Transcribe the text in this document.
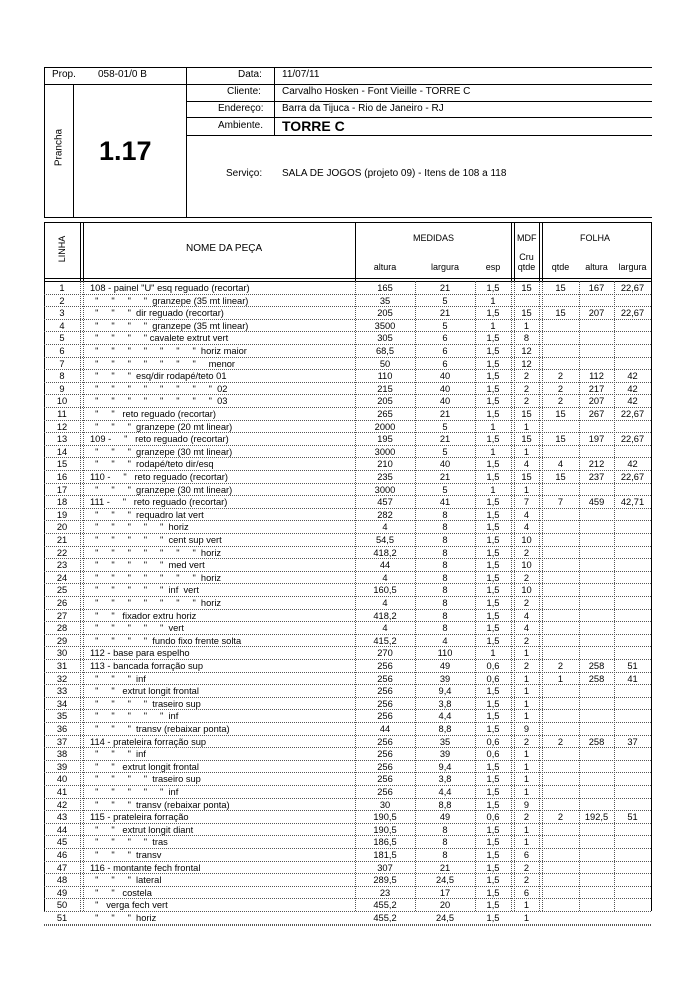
Prop. 058-01/0 B	Data: 11/07/11
Cliente: Carvalho Hosken - Font Vieille - TORRE C
Endereço: Barra da Tijuca - Rio de Janeiro - RJ
Ambiente. TORRE C
Prancha 1.17
Serviço: SALA DE JOGOS (projeto 09) - Itens de 108 a 118
LINHA	NOME DA PEÇA
MEDIDAS	MDF	FOLHA
altura	largura	esp
Cru
qtde	qtde	altura	largura
1	108 - painel "U" esq reguado (recortar)	165	21	1,5	15	15	167	22,67
2	"     "     "     "  granzepe (35 mt linear)	35	5	1
3	"     "     "  dir reguado (recortar)	205	21	1,5	15	15	207	22,67
4	"     "     "     "  granzepe (35 mt linear)	3500	5	1	1
5	"     "     "     " cavalete extrut vert	305	6	1,5	8
6	"     "     "     "     "     "     "  horiz maior	68,5	6	1,5	12
7	"     "     "     "     "     "     "     menor	50	6	1,5	12
8	"     "     "  esq/dir rodapé/teto 01	110	40	1,5	2	2	112	42
9	"     "     "     "     "     "     "     "  02	215	40	1,5	2	2	217	42
10	"     "     "     "     "     "     "     "  03	205	40	1,5	2	2	207	42
11	"     "   reto reguado (recortar)	265	21	1,5	15	15	267	22,67
12	"     "     "  granzepe (20 mt linear)	2000	5	1	1
13	109 -     "   reto reguado (recortar)	195	21	1,5	15	15	197	22,67
14	"     "     "  granzepe (30 mt linear)	3000	5	1	1
15	"     "     "  rodapé/teto dir/esq	210	40	1,5	4	4	212	42
16	110 -     "   reto reguado (recortar)	235	21	1,5	15	15	237	22,67
17	"     "     "  granzepe (30 mt linear)	3000	5	1	1
18	111 -     "   reto reguado (recortar)	457	41	1,5	7	7	459	42,71
19	"     "     "  requadro lat vert	282	8	1,5	4
20	"     "     "     "     "  horiz	4	8	1,5	4
21	"     "     "     "     "  cent sup vert	54,5	8	1,5	10
22	"     "     "     "     "     "     "  horiz	418,2	8	1,5	2
23	"     "     "     "     "  med vert	44	8	1,5	10
24	"     "     "     "     "     "     "  horiz	4	8	1,5	2
25	"     "     "     "     "  inf  vert	160,5	8	1,5	10
26	"     "     "     "     "     "     "  horiz	4	8	1,5	2
27	"     "   fixador extru horiz	418,2	8	1,5	4
28	"     "     "     "     "  vert	4	8	1,5	4
29	"     "     "     "  fundo fixo frente solta	415,2	4	1,5	2
30	112 - base para espelho	270	110	1	1
31	113 - bancada forração sup	256	49	0,6	2	2	258	51
32	"     "     "  inf	256	39	0,6	1	1	258	41
33	"     "   extrut longit frontal	256	9,4	1,5	1
34	"     "     "     "  traseiro sup	256	3,8	1,5	1
35	"     "     "     "     "  inf	256	4,4	1,5	1
36	"     "     "  transv (rebaixar ponta)	44	8,8	1,5	9
37	114 - prateleira forração sup	256	35	0,6	2	2	258	37
38	"     "     "  inf	256	39	0,6	1
39	"     "   extrut longit frontal	256	9,4	1,5	1
40	"     "     "     "  traseiro sup	256	3,8	1,5	1
41	"     "     "     "     "  inf	256	4,4	1,5	1
42	"     "     "  transv (rebaixar ponta)	30	8,8	1,5	9
43	115 - prateleira forração	190,5	49	0,6	2	2	192,5	51
44	"     "   extrut longit diant	190,5	8	1,5	1
45	"     "     "     "  tras	186,5	8	1,5	1
46	"     "     "  transv	181,5	8	1,5	6
47	116 - montante fech frontal	307	21	1,5	2
48	"     "     "  lateral	289,5	24,5	1,5	2
49	"     "   costela	23	17	1,5	6
50	"   verga fech vert	455,2	20	1,5	1
51	"     "     "  horiz	455,2	24,5	1,5	1
